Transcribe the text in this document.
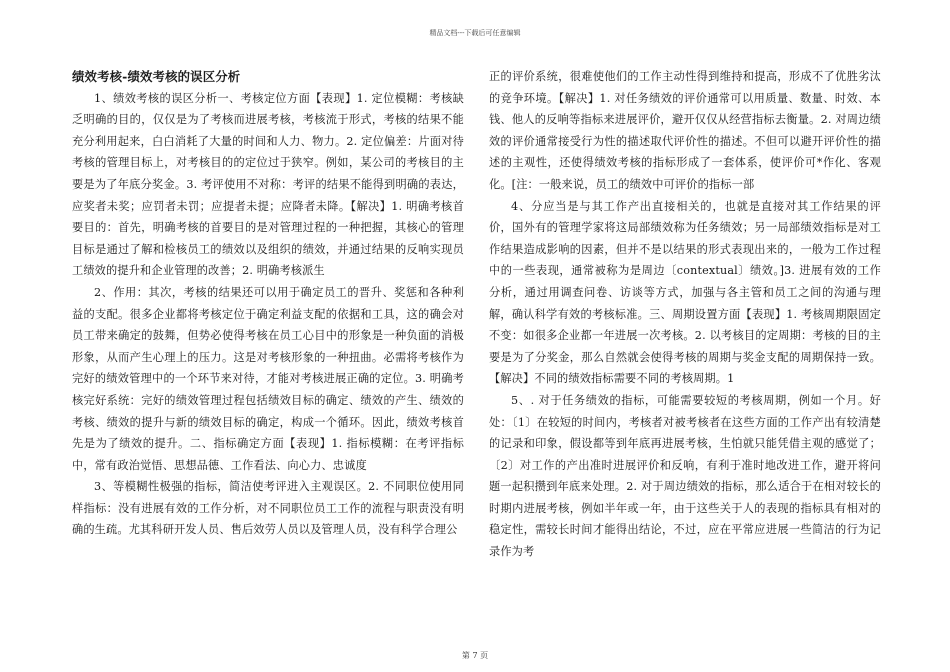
精品文档---下载后可任意编辑
绩效考核-绩效考核的误区分析

1、绩效考核的误区分析一、考核定位方面【表现】1. 定位模糊：考核缺乏明确的目的，仅仅是为了考核而进展考核，考核流于形式，考核的结果不能充分利用起来，白白消耗了大量的时间和人力、物力。2. 定位偏差：片面对待考核的管理目标上，对考核目的的定位过于狭窄。例如，某公司的考核目的主要是为了年底分奖金。3. 考评使用不对称：考评的结果不能得到明确的表达，应奖者未奖；应罚者未罚；应提者未提；应降者未降。【解决】1. 明确考核首要目的：首先，明确考核的首要目的是对管理过程的一种把握，其核心的管理目标是通过了解和检核员工的绩效以及组织的绩效，并通过结果的反响实现员工绩效的提升和企业管理的改善；2. 明确考核派生

2、作用：其次，考核的结果还可以用于确定员工的晋升、奖惩和各种利益的支配。很多企业都将考核定位于确定利益支配的依据和工具，这的确会对员工带来确定的鼓舞，但势必使得考核在员工心目中的形象是一种负面的消极形象，从而产生心理上的压力。这是对考核形象的一种扭曲。必需将考核作为完好的绩效管理中的一个环节来对待，才能对考核进展正确的定位。3. 明确考核完好系统：完好的绩效管理过程包括绩效目标的确定、绩效的产生、绩效的考核、绩效的提升与新的绩效目标的确定，构成一个循环。因此，绩效考核首先是为了绩效的提升。二、指标确定方面【表现】1. 指标模糊：在考评指标中，常有政治觉悟、思想品德、工作看法、向心力、忠诚度

3、等模糊性极强的指标，简洁使考评进入主观误区。2. 不同职位使用同样指标：没有进展有效的工作分析，对不同职位员工工作的流程与职责没有明确的生疏。尤其科研开发人员、售后效劳人员以及管理人员，没有科学合理公

正的评价系统，很难使他们的工作主动性得到维持和提高，形成不了优胜劣汰的竞争环境。【解决】1. 对任务绩效的评价通常可以用质量、数量、时效、本钱、他人的反响等指标来进展评价，避开仅仅从经营指标去衡量。2. 对周边绩效的评价通常接受行为性的描述取代评价性的描述。不但可以避开评价性的描述的主观性，还使得绩效考核的指标形成了一套体系，使评价可*作化、客观化。[注：一般来说，员工的绩效中可评价的指标一部

4、分应当是与其工作产出直接相关的，也就是直接对其工作结果的评价，国外有的管理学家将这局部绩效称为任务绩效；另一局部绩效指标是对工作结果造成影响的因素，但并不是以结果的形式表现出来的，一般为工作过程中的一些表现，通常被称为是周边〔contextual〕绩效。]3. 进展有效的工作分析，通过用调查问卷、访谈等方式，加强与各主管和员工之间的沟通与理解，确认科学有效的考核标准。三、周期设置方面【表现】1. 考核周期限固定不变：如很多企业都一年进展一次考核。2. 以考核目的定周期：考核的目的主要是为了分奖金，那么自然就会使得考核的周期与奖金支配的周期保持一致。【解决】不同的绩效指标需要不同的考核周期。1

5、. 对于任务绩效的指标，可能需要较短的考核周期，例如一个月。好处：〔1〕在较短的时间内，考核者对被考核者在这些方面的工作产出有较清楚的记录和印象，假设都等到年底再进展考核，生怕就只能凭借主观的感觉了；〔2〕对工作的产出准时进展评价和反响，有利于准时地改进工作，避开将问题一起积攒到年底来处理。2. 对于周边绩效的指标，那么适合于在相对较长的时期内进展考核，例如半年或一年，由于这些关于人的表现的指标具有相对的稳定性，需较长时间才能得出结论，不过，应在平常应进展一些简洁的行为记录作为考

第 7 页
